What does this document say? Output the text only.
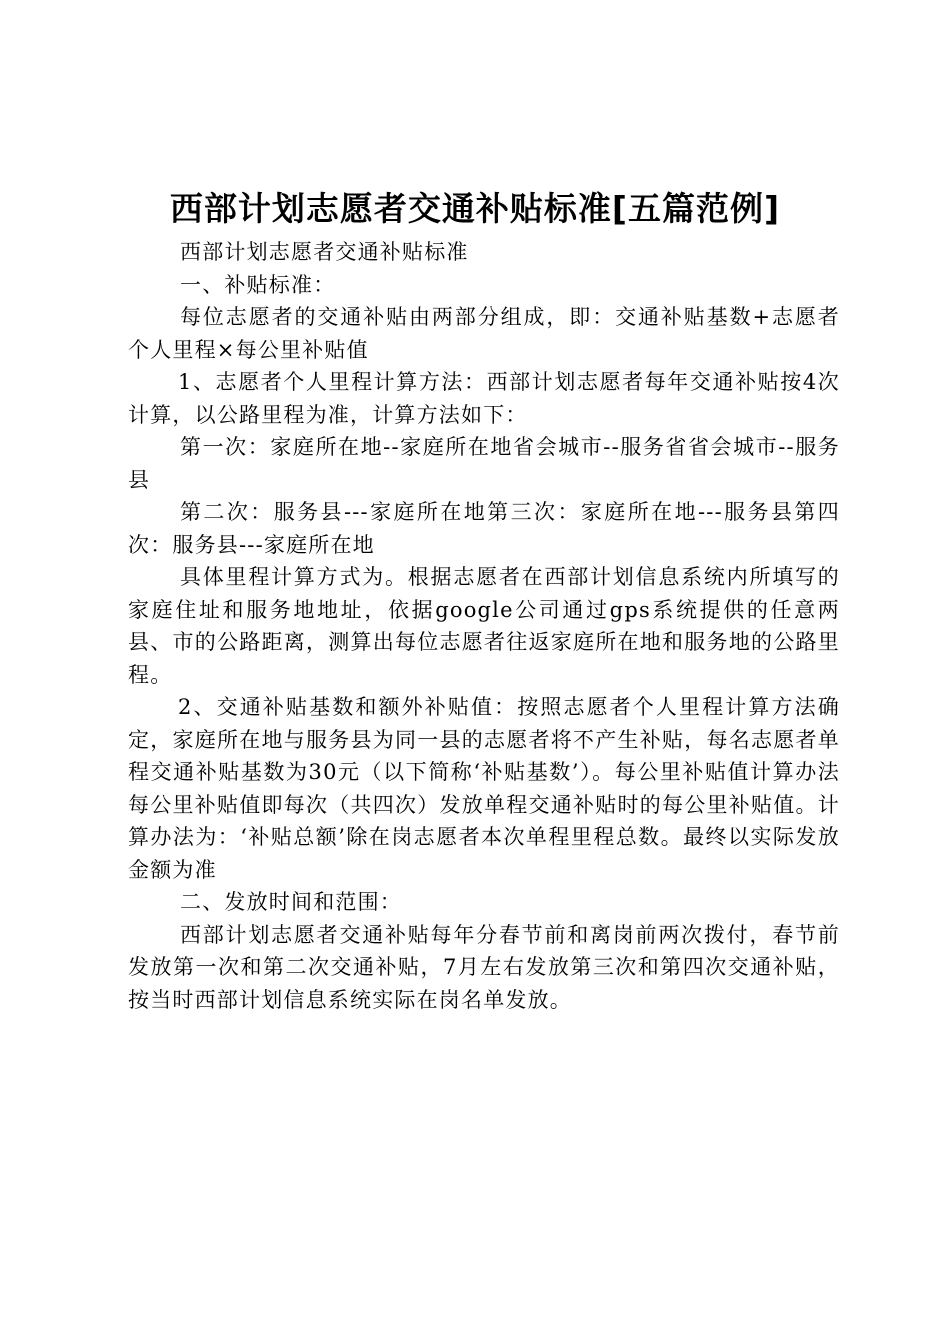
西部计划志愿者交通补贴标准[五篇范例]

西部计划志愿者交通补贴标准

一、补贴标准：

每位志愿者的交通补贴由两部分组成，即：交通补贴基数+志愿者个人里程×每公里补贴值

1、志愿者个人里程计算方法：西部计划志愿者每年交通补贴按4次计算，以公路里程为准，计算方法如下：

第一次：家庭所在地--家庭所在地省会城市--服务省省会城市--服务县

第二次：服务县---家庭所在地第三次：家庭所在地---服务县第四次：服务县---家庭所在地

具体里程计算方式为。根据志愿者在西部计划信息系统内所填写的家庭住址和服务地地址，依据google公司通过gps系统提供的任意两县、市的公路距离，测算出每位志愿者往返家庭所在地和服务地的公路里程。

2、交通补贴基数和额外补贴值：按照志愿者个人里程计算方法确定，家庭所在地与服务县为同一县的志愿者将不产生补贴，每名志愿者单程交通补贴基数为30元（以下简称‘补贴基数’）。每公里补贴值计算办法每公里补贴值即每次（共四次）发放单程交通补贴时的每公里补贴值。计算办法为：‘补贴总额’除在岗志愿者本次单程里程总数。最终以实际发放金额为准

二、发放时间和范围：

西部计划志愿者交通补贴每年分春节前和离岗前两次拨付，春节前发放第一次和第二次交通补贴，7月左右发放第三次和第四次交通补贴，按当时西部计划信息系统实际在岗名单发放。
